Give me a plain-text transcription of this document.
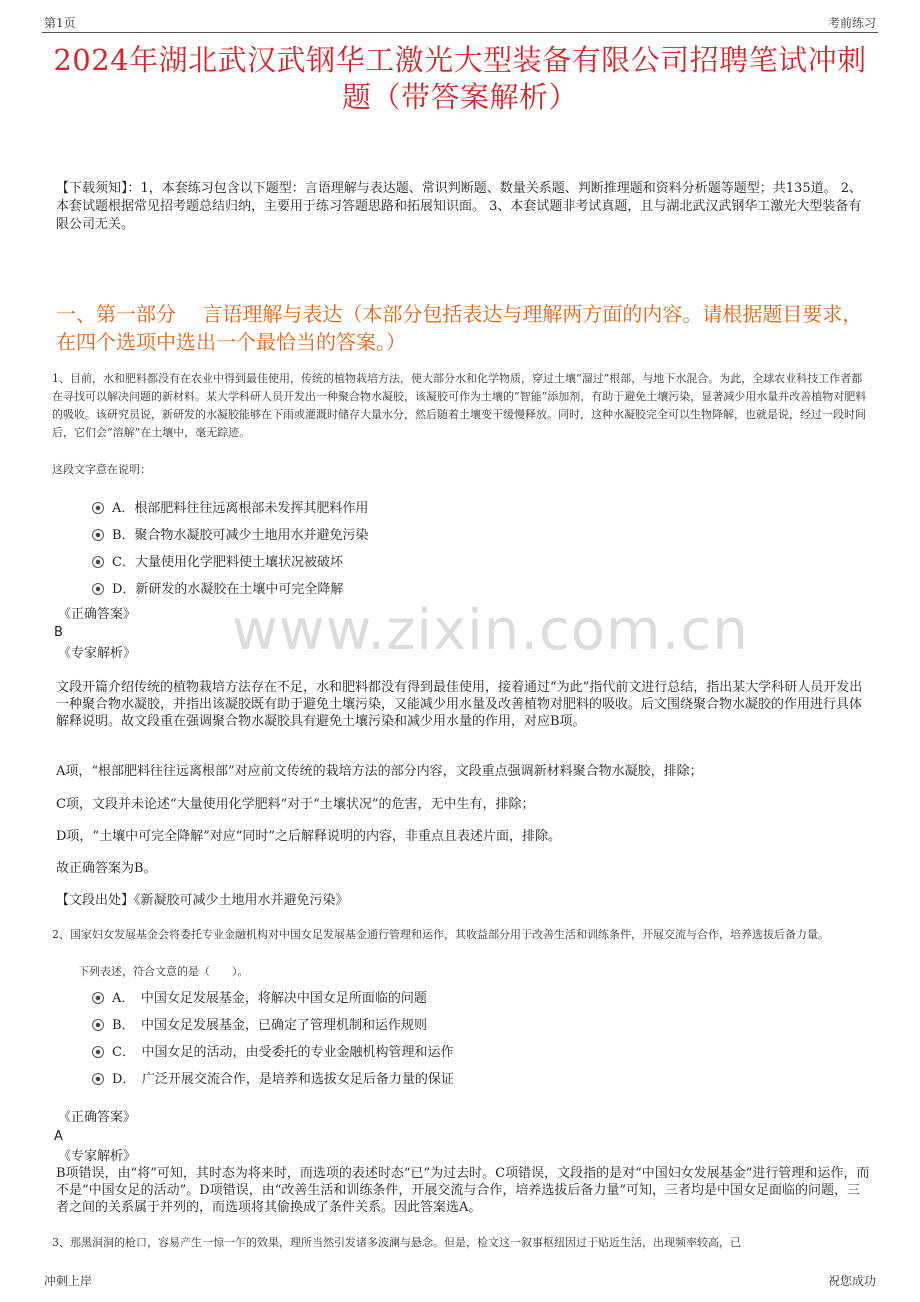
第1页	考前练习
2024年湖北武汉武钢华工激光大型装备有限公司招聘笔试冲刺题（带答案解析）
【下载须知】：1，本套练习包含以下题型：言语理解与表达题、常识判断题、数量关系题、判断推理题和资料分析题等题型；共135道。 2、本套试题根据常见招考题总结归纳，主要用于练习答题思路和拓展知识面。 3、本套试题非考试真题，且与湖北武汉武钢华工激光大型装备有限公司无关。
一、第一部分　 言语理解与表达（本部分包括表达与理解两方面的内容。请根据题目要求，在四个选项中选出一个最恰当的答案。）
1、目前，水和肥料都没有在农业中得到最佳使用，传统的植物栽培方法，使大部分水和化学物质，穿过土壤“溜过”根部，与地下水混合。为此，全球农业科技工作者都在寻找可以解决问题的新材料。某大学科研人员开发出一种聚合物水凝胶，该凝胶可作为土壤的“智能”添加剂，有助于避免土壤污染，显著减少用水量并改善植物对肥料的吸收。该研究员说，新研发的水凝胶能够在下雨或灌溉时储存大量水分，然后随着土壤变干缓慢释放。同时，这种水凝胶完全可以生物降解，也就是说，经过一段时间后，它们会“溶解”在土壤中，毫无踪迹。
这段文字意在说明：
A．根部肥料往往远离根部未发挥其肥料作用
B．聚合物水凝胶可减少土地用水并避免污染
C．大量使用化学肥料使土壤状况被破坏
D．新研发的水凝胶在土壤中可完全降解
《正确答案》
B
《专家解析》
文段开篇介绍传统的植物栽培方法存在不足，水和肥料都没有得到最佳使用，接着通过“为此”指代前文进行总结，指出某大学科研人员开发出一种聚合物水凝胶，并指出该凝胶既有助于避免土壤污染，又能减少用水量及改善植物对肥料的吸收。后文围绕聚合物水凝胶的作用进行具体解释说明。故文段重在强调聚合物水凝胶具有避免土壤污染和减少用水量的作用，对应B项。
A项，“根部肥料往往远离根部”对应前文传统的栽培方法的部分内容，文段重点强调新材料聚合物水凝胶，排除；
C项，文段并未论述“大量使用化学肥料”对于“土壤状况”的危害，无中生有，排除；
D项，“土壤中可完全降解”对应“同时”之后解释说明的内容，非重点且表述片面，排除。
故正确答案为B。
【文段出处】《新凝胶可减少土地用水并避免污染》
2、国家妇女发展基金会将委托专业金融机构对中国女足发展基金通行管理和运作，其收益部分用于改善生活和训练条件，开展交流与合作，培养选拔后备力量。
下列表述，符合文意的是（　　）。
A．　中国女足发展基金，将解决中国女足所面临的问题
B．　中国女足发展基金，已确定了管理机制和运作规则
C．　中国女足的活动，由受委托的专业金融机构管理和运作
D．　广泛开展交流合作，是培养和选拔女足后备力量的保证
《正确答案》
A
《专家解析》
B项错误，由“将”可知，其时态为将来时，而选项的表述时态“已”为过去时。C项错误，文段指的是对“中国妇女发展基金”进行管理和运作，而不是“中国女足的活动”。D项错误，由“改善生活和训练条件，开展交流与合作，培养选拔后备力量”可知，三者均是中国女足面临的问题，三者之间的关系属于并列的，而选项将其偷换成了条件关系。因此答案选A。
3、那黑洞洞的枪口，容易产生一惊一乍的效果，理所当然引发诸多波澜与悬念。但是，检文这一叙事枢纽因过于贴近生活，出现频率较高，已
www.zixin.com.cn
冲刺上岸	祝您成功
